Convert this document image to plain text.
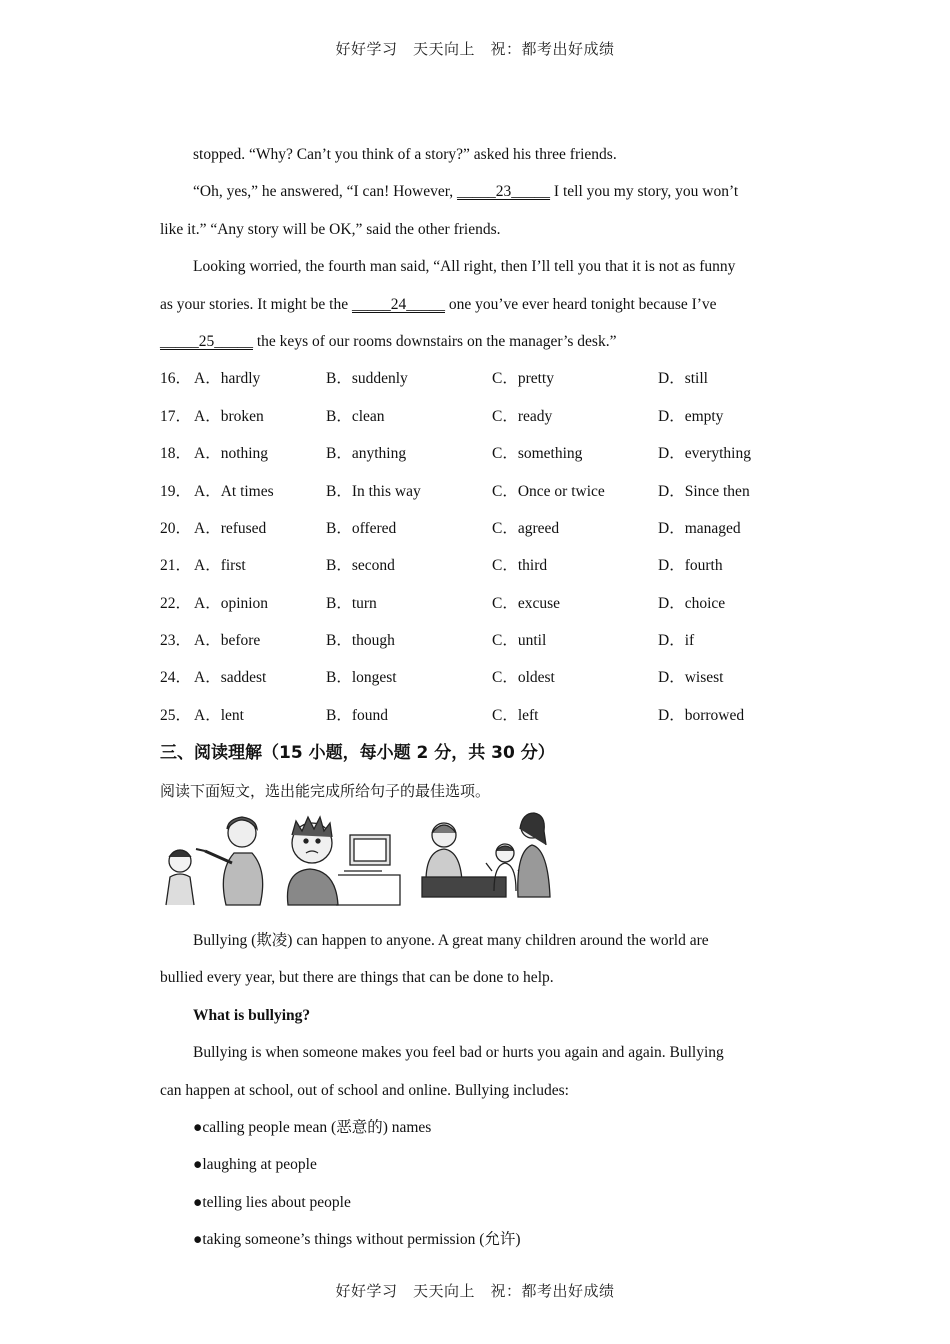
好好学习　天天向上　祝：都考出好成绩
stopped. “Why? Can’t you think of a story?” asked his three friends.
“Oh, yes,” he answered, “I can! However, _____23_____ I tell you my story, you won’t
like it.” “Any story will be OK,” said the other friends.
Looking worried, the fourth man said, “All right, then I’ll tell you that it is not as funny
as your stories. It might be the _____24_____ one you’ve ever heard tonight because I’ve
_____25_____ the keys of our rooms downstairs on the manager’s desk.”
16． A．hardly	B．suddenly	C．pretty	D．still
17． A．broken	B．clean	C．ready	D．empty
18． A．nothing	B．anything	C．something	D．everything
19． A．At times	B．In this way	C．Once or twice	D．Since then
20． A．refused	B．offered	C．agreed	D．managed
21． A．first	B．second	C．third	D．fourth
22． A．opinion	B．turn	C．excuse	D．choice
23． A．before	B．though	C．until	D．if
24． A．saddest	B．longest	C．oldest	D．wisest
25． A．lent	B．found	C．left	D．borrowed
三、阅读理解（15 小题，每小题 2 分，共 30 分）
阅读下面短文，选出能完成所给句子的最佳选项。
Bullying (欺凌) can happen to anyone. A great many children around the world are
bullied every year, but there are things that can be done to help.
What is bullying?
Bullying is when someone makes you feel bad or hurts you again and again. Bullying
can happen at school, out of school and online. Bullying includes:
●calling people mean (恶意的) names
●laughing at people
●telling lies about people
●taking someone’s things without permission (允许)
好好学习　天天向上　祝：都考出好成绩
